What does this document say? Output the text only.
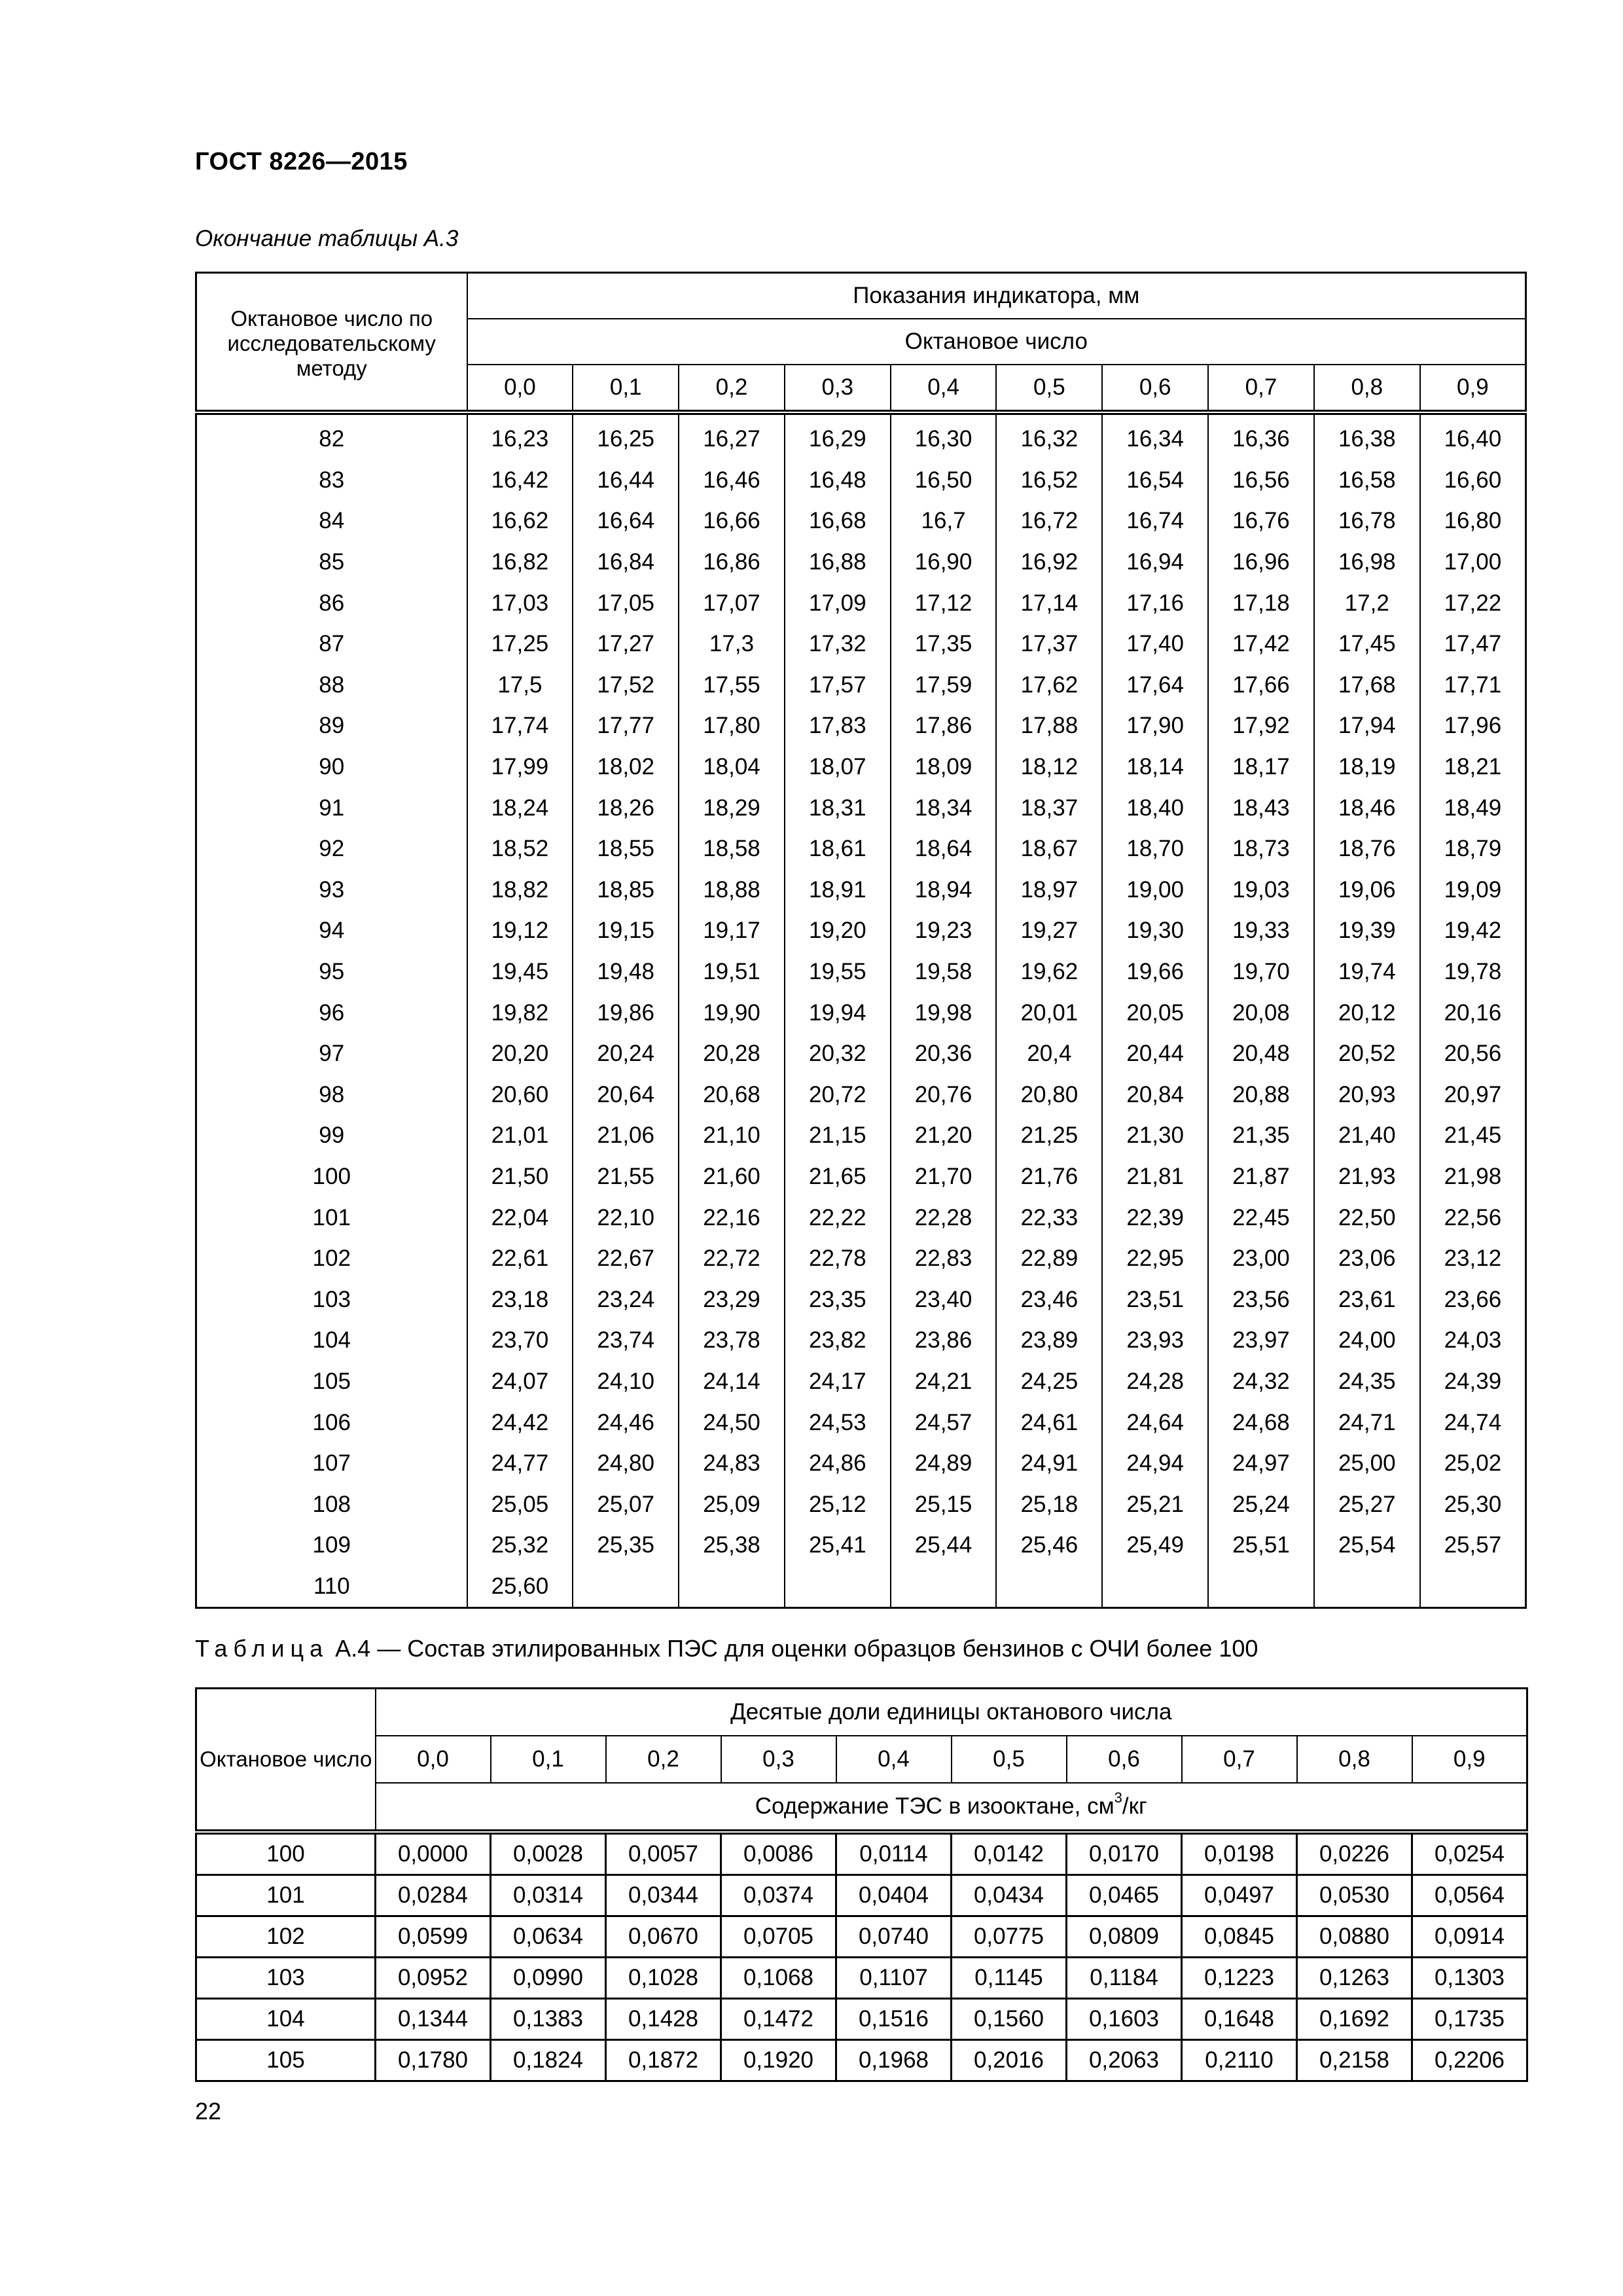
ГОСТ 8226—2015
Окончание таблицы А.3
Октановое число по исследовательскому методу	Показания индикатора, мм									
	Октановое число									
	0,0	0,1	0,2	0,3	0,4	0,5	0,6	0,7	0,8	0,9
82	16,23	16,25	16,27	16,29	16,30	16,32	16,34	16,36	16,38	16,40
83	16,42	16,44	16,46	16,48	16,50	16,52	16,54	16,56	16,58	16,60
84	16,62	16,64	16,66	16,68	16,7	16,72	16,74	16,76	16,78	16,80
85	16,82	16,84	16,86	16,88	16,90	16,92	16,94	16,96	16,98	17,00
86	17,03	17,05	17,07	17,09	17,12	17,14	17,16	17,18	17,2	17,22
87	17,25	17,27	17,3	17,32	17,35	17,37	17,40	17,42	17,45	17,47
88	17,5	17,52	17,55	17,57	17,59	17,62	17,64	17,66	17,68	17,71
89	17,74	17,77	17,80	17,83	17,86	17,88	17,90	17,92	17,94	17,96
90	17,99	18,02	18,04	18,07	18,09	18,12	18,14	18,17	18,19	18,21
91	18,24	18,26	18,29	18,31	18,34	18,37	18,40	18,43	18,46	18,49
92	18,52	18,55	18,58	18,61	18,64	18,67	18,70	18,73	18,76	18,79
93	18,82	18,85	18,88	18,91	18,94	18,97	19,00	19,03	19,06	19,09
94	19,12	19,15	19,17	19,20	19,23	19,27	19,30	19,33	19,39	19,42
95	19,45	19,48	19,51	19,55	19,58	19,62	19,66	19,70	19,74	19,78
96	19,82	19,86	19,90	19,94	19,98	20,01	20,05	20,08	20,12	20,16
97	20,20	20,24	20,28	20,32	20,36	20,4	20,44	20,48	20,52	20,56
98	20,60	20,64	20,68	20,72	20,76	20,80	20,84	20,88	20,93	20,97
99	21,01	21,06	21,10	21,15	21,20	21,25	21,30	21,35	21,40	21,45
100	21,50	21,55	21,60	21,65	21,70	21,76	21,81	21,87	21,93	21,98
101	22,04	22,10	22,16	22,22	22,28	22,33	22,39	22,45	22,50	22,56
102	22,61	22,67	22,72	22,78	22,83	22,89	22,95	23,00	23,06	23,12
103	23,18	23,24	23,29	23,35	23,40	23,46	23,51	23,56	23,61	23,66
104	23,70	23,74	23,78	23,82	23,86	23,89	23,93	23,97	24,00	24,03
105	24,07	24,10	24,14	24,17	24,21	24,25	24,28	24,32	24,35	24,39
106	24,42	24,46	24,50	24,53	24,57	24,61	24,64	24,68	24,71	24,74
107	24,77	24,80	24,83	24,86	24,89	24,91	24,94	24,97	25,00	25,02
108	25,05	25,07	25,09	25,12	25,15	25,18	25,21	25,24	25,27	25,30
109	25,32	25,35	25,38	25,41	25,44	25,46	25,49	25,51	25,54	25,57
110	25,60									
Таблица А.4 — Состав этилированных ПЭС для оценки образцов бензинов с ОЧИ более 100
Октановое число	Десятые доли единицы октанового числа									
	0,0	0,1	0,2	0,3	0,4	0,5	0,6	0,7	0,8	0,9
	Содержание ТЭС в изооктане, $см^3/кг$									
100	0,0000	0,0028	0,0057	0,0086	0,0114	0,0142	0,0170	0,0198	0,0226	0,0254
101	0,0284	0,0314	0,0344	0,0374	0,0404	0,0434	0,0465	0,0497	0,0530	0,0564
102	0,0599	0,0634	0,0670	0,0705	0,0740	0,0775	0,0809	0,0845	0,0880	0,0914
103	0,0952	0,0990	0,1028	0,1068	0,1107	0,1145	0,1184	0,1223	0,1263	0,1303
104	0,1344	0,1383	0,1428	0,1472	0,1516	0,1560	0,1603	0,1648	0,1692	0,1735
105	0,1780	0,1824	0,1872	0,1920	0,1968	0,2016	0,2063	0,2110	0,2158	0,2206
22
